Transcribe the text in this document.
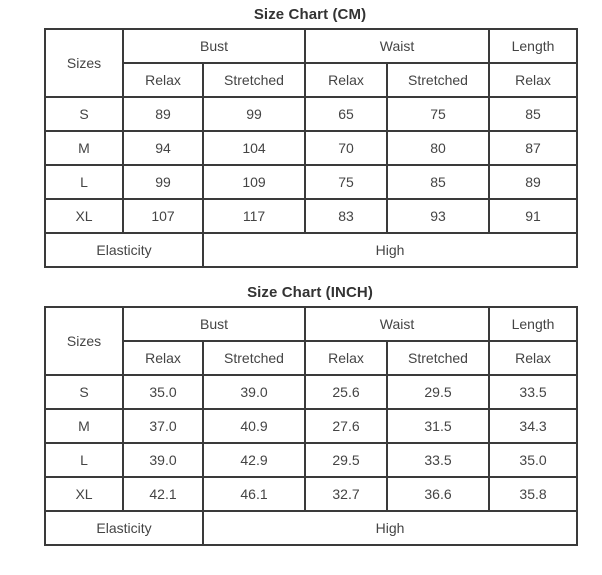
Size Chart (CM)
Sizes	Bust		Waist		Length
	Relax	Stretched	Relax	Stretched	Relax
S	89	99	65	75	85
M	94	104	70	80	87
L	99	109	75	85	89
XL	107	117	83	93	91
Elasticity		High			
Size Chart (INCH)
Sizes	Bust		Waist		Length
	Relax	Stretched	Relax	Stretched	Relax
S	35.0	39.0	25.6	29.5	33.5
M	37.0	40.9	27.6	31.5	34.3
L	39.0	42.9	29.5	33.5	35.0
XL	42.1	46.1	32.7	36.6	35.8
Elasticity		High			
